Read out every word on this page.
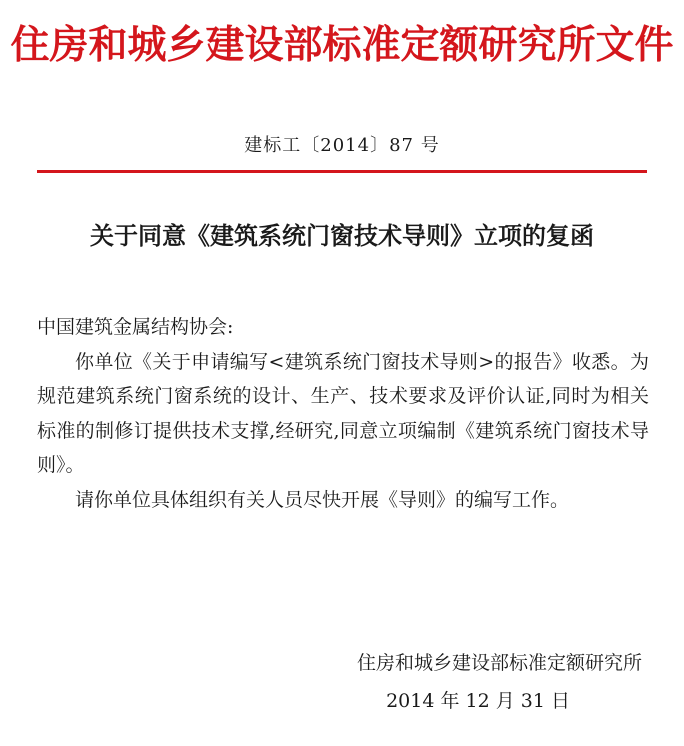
住房和城乡建设部标准定额研究所文件
建标工〔2014〕87 号
关于同意《建筑系统门窗技术导则》立项的复函

中国建筑金属结构协会:

你单位《关于申请编写<建筑系统门窗技术导则>的报告》收悉。为规范建筑系统门窗系统的设计、生产、技术要求及评价认证,同时为相关标准的制修订提供技术支撑,经研究,同意立项编制《建筑系统门窗技术导则》。

请你单位具体组织有关人员尽快开展《导则》的编写工作。

住房和城乡建设部标准定额研究所
2014 年 12 月 31 日
